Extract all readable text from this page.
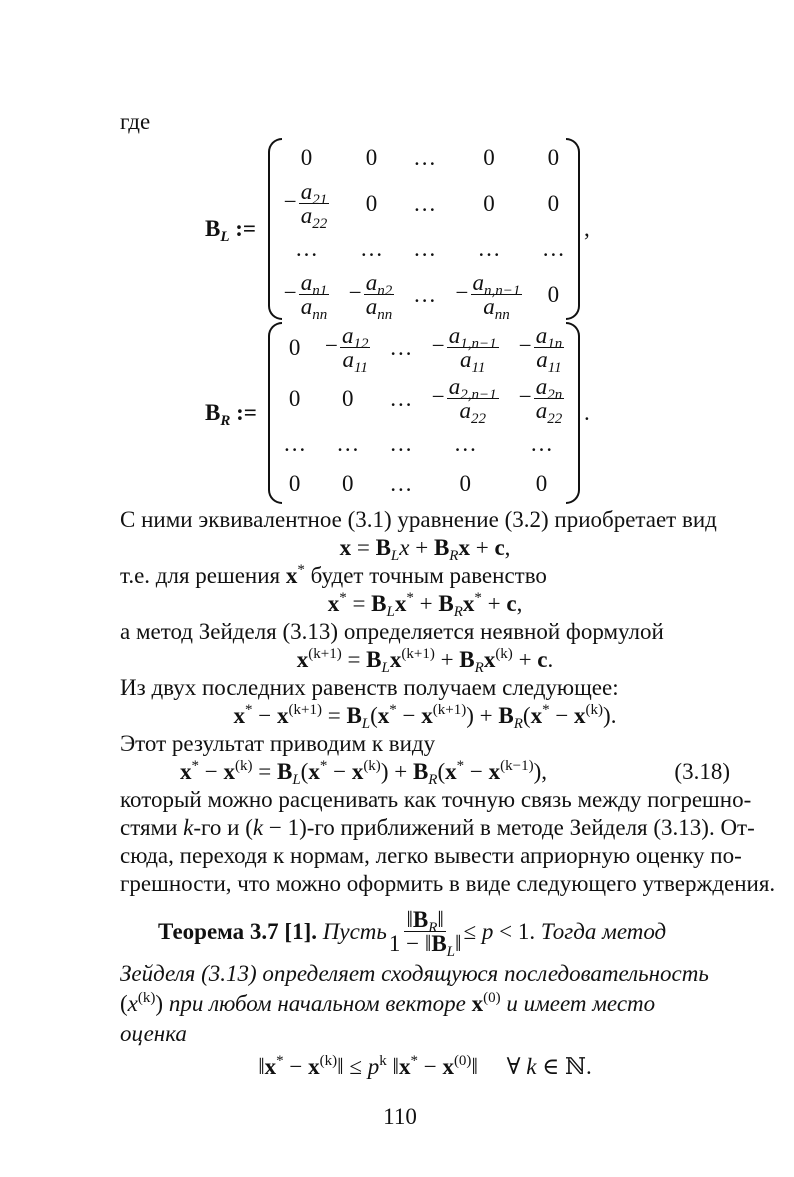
где
$B_L$ :=
0	0	…	0	0
− $\frac{a_{21}}{a_{22}}$	0	…	0	0
…	…	…	…	…
− $\frac{a_{n1}}{a_{nn}}$	− $\frac{a_{n2}}{a_{nn}}$	…	− $\frac{a_{n,n-1}}{a_{nn}}$	0
,
$B_R$ :=
0	− $\frac{a_{12}}{a_{11}}$	…	− $\frac{a_{1,n-1}}{a_{11}}$	− $\frac{a_{1n}}{a_{11}}$

0	0	…	− $\frac{a_{2,n-1}}{a_{22}}$	− $\frac{a_{2n}}{a_{22}}$

…	…	…	…	…
0	0	…	0	0
.
С ними эквивалентное (3.1) уравнение (3.2) приобретает вид
$x = B_Lx + B_Rx + c$,
т.е. для решения x* будет точным равенство
$x^* = B_Lx^* + B_Rx^* + c$,
а метод Зейделя (3.13) определяется неявной формулой
$x^{(k+1)} = B_Lx^{(k+1)} + B_Rx^{(k)} + c$.
Из двух последних равенств получаем следующее:
$x^* - x^{(k+1)} = B_L(x^* - x^{(k+1)}) + B_R(x^* - x^{(k)})$.
Этот результат приводим к виду
$x^* - x^{(k)} = B_L(x^* - x^{(k)}) + B_R(x^* - x^{(k-1)})$,	(3.18)
который можно расценивать как точную связь между погрешно-
стями k-го и (k − 1)-го приближений в методе Зейделя (3.13). От-
сюда, переходя к нормам, легко вывести априорную оценку по-
грешности, что можно оформить в виде следующего утверждения.
Теорема 3.7 [1]. Пусть $\frac{‖B_R‖}{1 - ‖B_L‖} \le p < 1$. Тогда метод
Зейделя (3.13) определяет сходящуюся последовательность
$(x^{(k)})$ при любом начальном векторе $x^{(0)}$ и имеет место
оценка
‖x* − $x^{(k)}‖ \le p^k$ ‖x* − $x^{(0)}‖$     ∀ k ∈ ℕ.
110
